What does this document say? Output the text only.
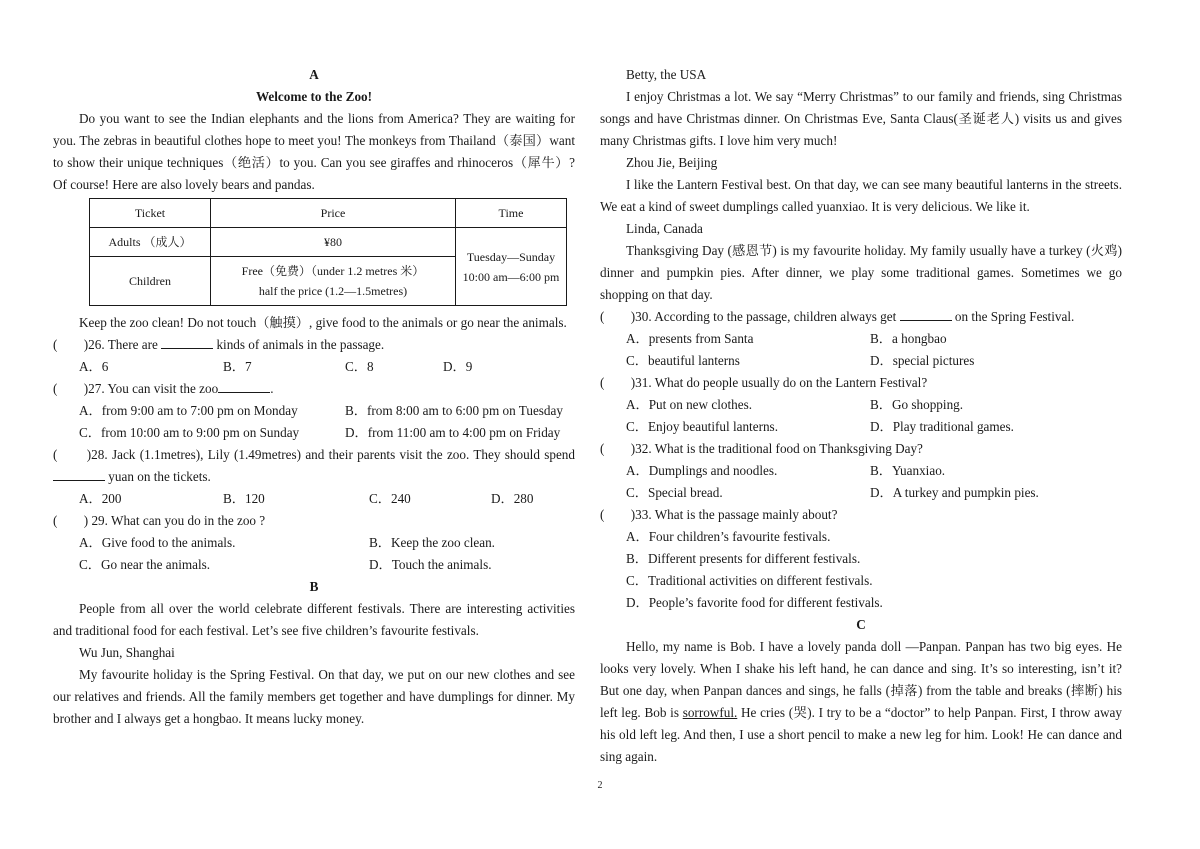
A

Welcome to the Zoo!

Do you want to see the Indian elephants and the lions from America? They are waiting for you. The zebras in beautiful clothes hope to meet you! The monkeys from Thailand（泰国）want to show their unique techniques（绝活）to you. Can you see giraffes and rhinoceros（犀牛）? Of course! Here are also lovely bears and pandas.

Ticket	Price	Time
Adults （成人）	¥80	Tuesday—Sunday 10:00 am—6:00 pm
Children	Free（免费）（under 1.2 metres 米）
half the price (1.2—1.5metres)	

Keep the zoo clean! Do not touch（触摸）, give food to the animals or go near the animals.

(　　)26. There are	kinds of animals in the passage.

A．6	B．7	C．8	D．9

(　　)27. You can visit the zoo	.

A．from 9:00 am to 7:00 pm on Monday	B．from 8:00 am to 6:00 pm on Tuesday
C．from 10:00 am to 9:00 pm on Sunday	D．from 11:00 am to 4:00 pm on Friday

(　　)28. Jack (1.1metres), Lily (1.49metres) and their parents visit the zoo. They should spend  yuan on the tickets.

A．200	B．120	C．240	D．280

(　　) 29. What can you do in the zoo ?

A．Give food to the animals.	B．Keep the zoo clean.
C．Go near the animals.	D．Touch the animals.

B

People from all over the world celebrate different festivals. There are interesting activities and traditional food for each festival. Let’s see five children’s favourite festivals.

Wu Jun, Shanghai

My favourite holiday is the Spring Festival. On that day, we put on our new clothes and see our relatives and friends. All the family members get together and have dumplings for dinner. My brother and I always get a hongbao. It means lucky money.

Betty, the USA

I enjoy Christmas a lot. We say “Merry Christmas” to our family and friends, sing Christmas songs and have Christmas dinner. On Christmas Eve, Santa Claus(圣诞老人) visits us and gives many Christmas gifts. I love him very much!

Zhou Jie, Beijing

I like the Lantern Festival best. On that day, we can see many beautiful lanterns in the streets. We eat a kind of sweet dumplings called yuanxiao. It is very delicious. We like it.

Linda, Canada

Thanksgiving Day (感恩节) is my favourite holiday. My family usually have a turkey (火鸡) dinner and pumpkin pies. After dinner, we play some traditional games. Sometimes we go shopping on that day.

(　　)30. According to the passage, children always get	on the Spring Festival.

A．presents from Santa	B．a hongbao
C．beautiful lanterns	D．special pictures

(　　)31. What do people usually do on the Lantern Festival?

A．Put on new clothes.	B．Go shopping.
C．Enjoy beautiful lanterns.	D．Play traditional games.

(　　)32. What is the traditional food on Thanksgiving Day?

A．Dumplings and noodles.	B．Yuanxiao.
C．Special bread.	D．A turkey and pumpkin pies.

(　　)33. What is the passage mainly about?

A．Four children’s favourite festivals.
B．Different presents for different festivals.
C．Traditional activities on different festivals.
D．People’s favorite food for different festivals.

C

Hello, my name is Bob. I have a lovely panda doll —Panpan. Panpan has two big eyes. He looks very lovely. When I shake his left hand, he can dance and sing. It’s so interesting, isn’t it? But one day, when Panpan dances and sings, he falls (掉落) from the table and breaks (摔断) his left leg. Bob is sorrowful. He cries (哭). I try to be a “doctor” to help Panpan. First, I throw away his old left leg. And then, I use a short pencil to make a new leg for him. Look! He can dance and sing again.

2
